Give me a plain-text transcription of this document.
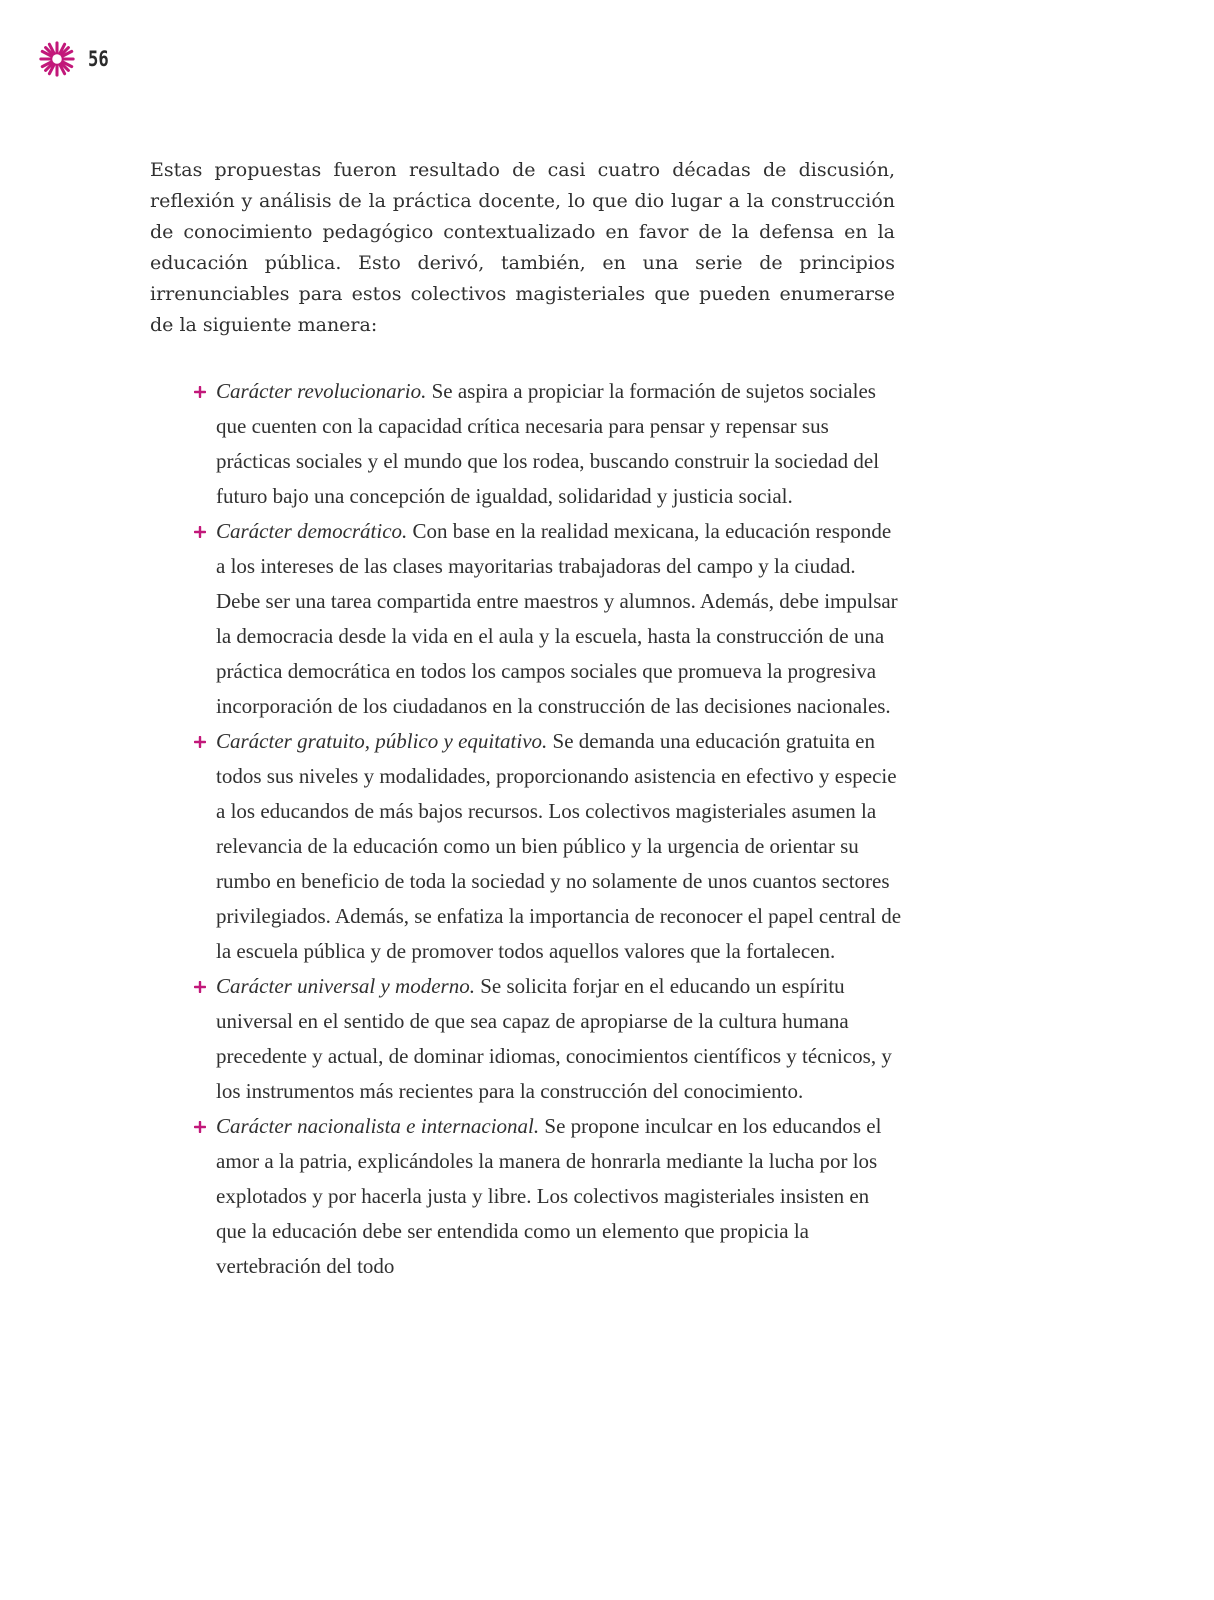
56

Estas propuestas fueron resultado de casi cuatro décadas de discusión, reflexión y análisis de la práctica docente, lo que dio lugar a la construcción de conocimiento pedagógico contextualizado en favor de la defensa en la educación pública. Esto derivó, también, en una serie de principios irrenunciables para estos colectivos magisteriales que pueden enumerarse de la siguiente manera:

Carácter revolucionario. Se aspira a propiciar la formación de sujetos sociales que cuenten con la capacidad crítica necesaria para pensar y repensar sus prácticas sociales y el mundo que los rodea, buscando construir la sociedad del futuro bajo una concepción de igualdad, solidaridad y justicia social.
Carácter democrático. Con base en la realidad mexicana, la educación responde a los intereses de las clases mayoritarias trabajadoras del campo y la ciudad. Debe ser una tarea compartida entre maestros y alumnos. Además, debe impulsar la democracia desde la vida en el aula y la escuela, hasta la construcción de una práctica democrática en todos los campos sociales que promueva la progresiva incorporación de los ciudadanos en la construcción de las decisiones nacionales.
Carácter gratuito, público y equitativo. Se demanda una educación gratuita en todos sus niveles y modalidades, proporcionando asistencia en efectivo y especie a los educandos de más bajos recursos. Los colectivos magisteriales asumen la relevancia de la educación como un bien público y la urgencia de orientar su rumbo en beneficio de toda la sociedad y no solamente de unos cuantos sectores privilegiados. Además, se enfatiza la importancia de reconocer el papel central de la escuela pública y de promover todos aquellos valores que la fortalecen.
Carácter universal y moderno. Se solicita forjar en el educando un espíritu universal en el sentido de que sea capaz de apropiarse de la cultura humana precedente y actual, de dominar idiomas, conocimientos científicos y técnicos, y los instrumentos más recientes para la construcción del conocimiento.
Carácter nacionalista e internacional. Se propone inculcar en los educandos el amor a la patria, explicándoles la manera de honrarla mediante la lucha por los explotados y por hacerla justa y libre. Los colectivos magisteriales insisten en que la educación debe ser entendida como un elemento que propicia la vertebración del todo
